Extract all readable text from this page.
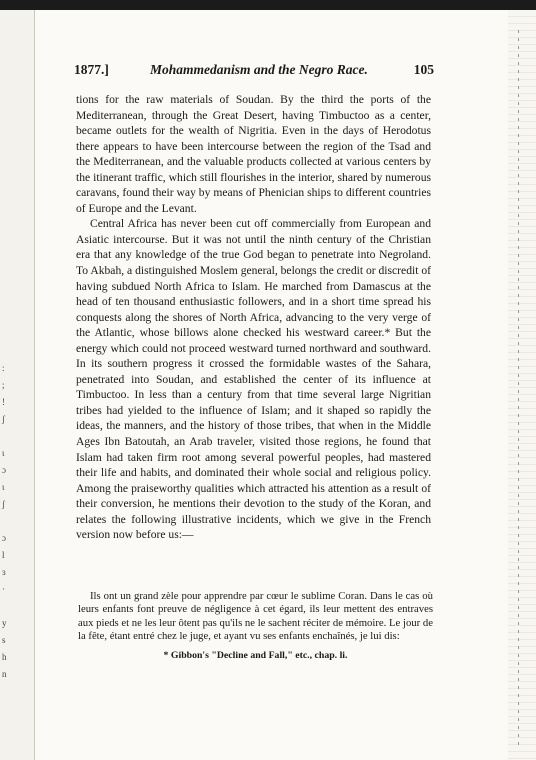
:
;
!
ʃ

ι
ɔ
ι
ʃ

ɔ
l
ɜ
·

y
s
h
n
1877.]	Mohammedanism and the Negro Race.	105

tions for the raw materials of Soudan. By the third the ports of the Mediterranean, through the Great Desert, having Timbuctoo as a center, became outlets for the wealth of Nigritia. Even in the days of Herodotus there appears to have been intercourse between the region of the Tsad and the Mediterranean, and the valuable products collected at various centers by the itinerant traffic, which still flourishes in the interior, shared by numerous caravans, found their way by means of Phenician ships to different countries of Europe and the Levant.

Central Africa has never been cut off commercially from European and Asiatic intercourse. But it was not until the ninth century of the Christian era that any knowledge of the true God began to penetrate into Negroland. To Akbah, a distinguished Moslem general, belongs the credit or discredit of having subdued North Africa to Islam. He marched from Damascus at the head of ten thousand enthusiastic followers, and in a short time spread his conquests along the shores of North Africa, advancing to the very verge of the Atlantic, whose billows alone checked his westward career.* But the energy which could not proceed westward turned northward and southward. In its southern progress it crossed the formidable wastes of the Sahara, penetrated into Soudan, and established the center of its influence at Timbuctoo. In less than a century from that time several large Nigritian tribes had yielded to the influence of Islam; and it shaped so rapidly the ideas, the manners, and the history of those tribes, that when in the Middle Ages Ibn Batoutah, an Arab traveler, visited those regions, he found that Islam had taken firm root among several powerful peoples, had mastered their life and habits, and dominated their whole social and religious policy. Among the praiseworthy qualities which attracted his attention as a result of their conversion, he mentions their devotion to the study of the Koran, and relates the following illustrative incidents, which we give in the French version now before us:—

Ils ont un grand zèle pour apprendre par cœur le sublime Coran. Dans le cas où leurs enfants font preuve de négligence à cet égard, ils leur mettent des entraves aux pieds et ne les leur ôtent pas qu'ils ne le sachent réciter de mémoire. Le jour de la fête, étant entré chez le juge, et ayant vu ses enfants enchaînés, je lui dis:

* Gibbon's "Decline and Fall," etc., chap. li.
